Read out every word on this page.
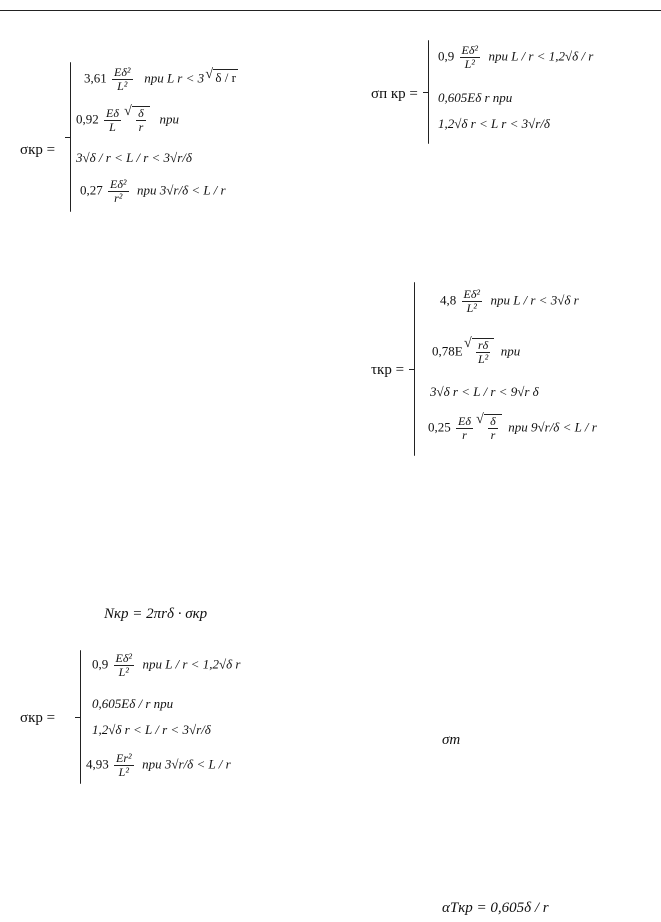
σкр =
$3,61 \frac{\text{Eδ²}}{\text{L²}}$ при L r < 3 √ δ / r
$0,92 \frac{E\delta}{L}$
√ $\frac{\delta}{r}$ при
3√δ / r < L / r < 3√r/δ
$0,27 \frac{\text{Eδ²}}{\text{r²}}$ при 3√r/δ < L / r
σп кр =
$0,9 \frac{\text{Eδ²}}{\text{L²}}$ при L / r < 1,2√δ / r
0,605Eδ r при
1,2√δ r < L r < 3√r/δ
τкр =
$4,8 \frac{\text{Eδ²}}{\text{L²}}$ при L / r < 3√δ r
0,78E √ $\frac{r\delta}{\text{L²}}$ при
3√δ r < L / r < 9√r δ
$0,25 \frac{E\delta}{r}$
√ $\frac{\delta}{r}$ при 9√r/δ < L / r
Nкр = 2πrδ · σкр
σкр =
$0,9 \frac{\text{Eδ²}}{\text{L²}}$ при L / r < 1,2√δ r
0,605Eδ / r при
1,2√δ r < L / r < 3√r/δ
$4,93 \frac{\text{Er²}}{\text{L²}}$ при 3√r/δ < L / r
σт
αTкр = 0,605δ / r
